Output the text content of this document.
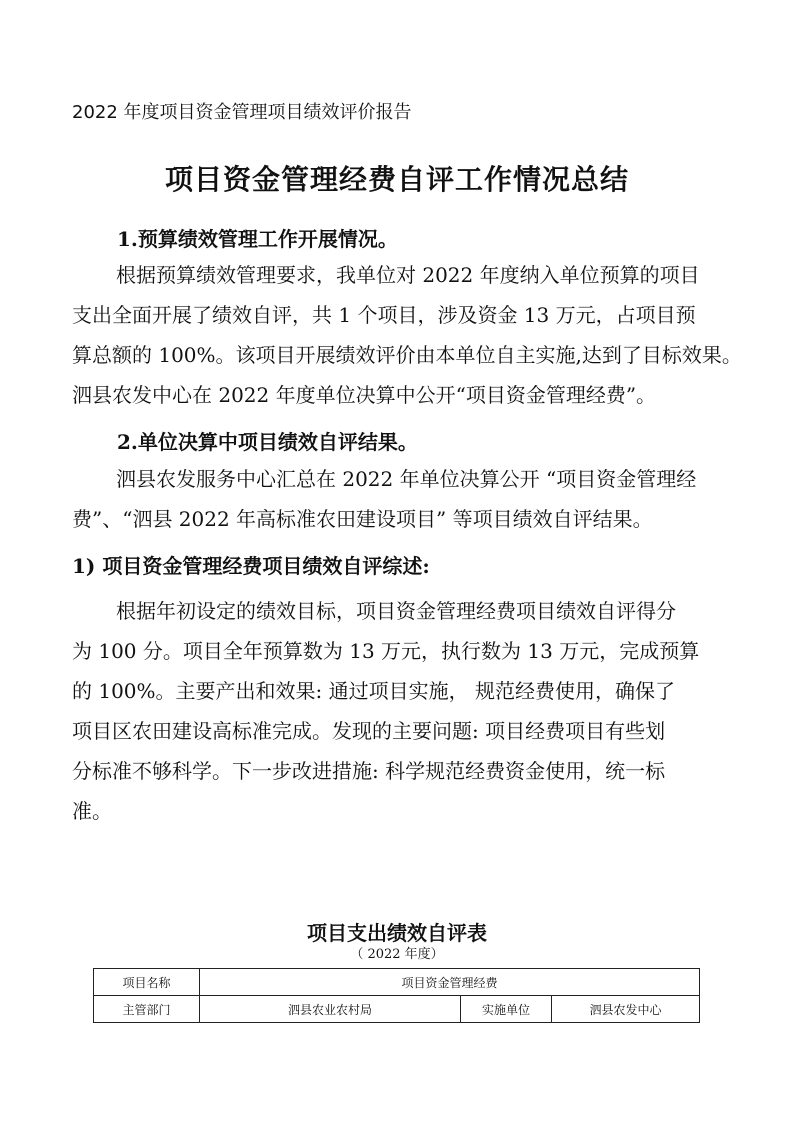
2022 年度项目资金管理项目绩效评价报告
项目资金管理经费自评工作情况总结
1.预算绩效管理工作开展情况。
根据预算绩效管理要求，我单位对 2022 年度纳入单位预算的项目
支出全面开展了绩效自评，共 1 个项目，涉及资金 13 万元，占项目预
算总额的 100%。该项目开展绩效评价由本单位自主实施,达到了目标效果。
泗县农发中心在 2022 年度单位决算中公开“项目资金管理经费”。
2.单位决算中项目绩效自评结果。
泗县农发服务中心汇总在 2022 年单位决算公开 “项目资金管理经
费”、“泗县 2022 年高标准农田建设项目” 等项目绩效自评结果。
1) 项目资金管理经费项目绩效自评综述:
根据年初设定的绩效目标，项目资金管理经费项目绩效自评得分
为 100 分。项目全年预算数为 13 万元，执行数为 13 万元，完成预算
的 100%。主要产出和效果: 通过项目实施， 规范经费使用，确保了
项目区农田建设高标准完成。发现的主要问题: 项目经费项目有些划
分标准不够科学。下一步改进措施: 科学规范经费资金使用，统一标
准。
项目支出绩效自评表
（ 2022 年度）
项目名称	项目资金管理经费		
主管部门	泗县农业农村局	实施单位	泗县农发中心
